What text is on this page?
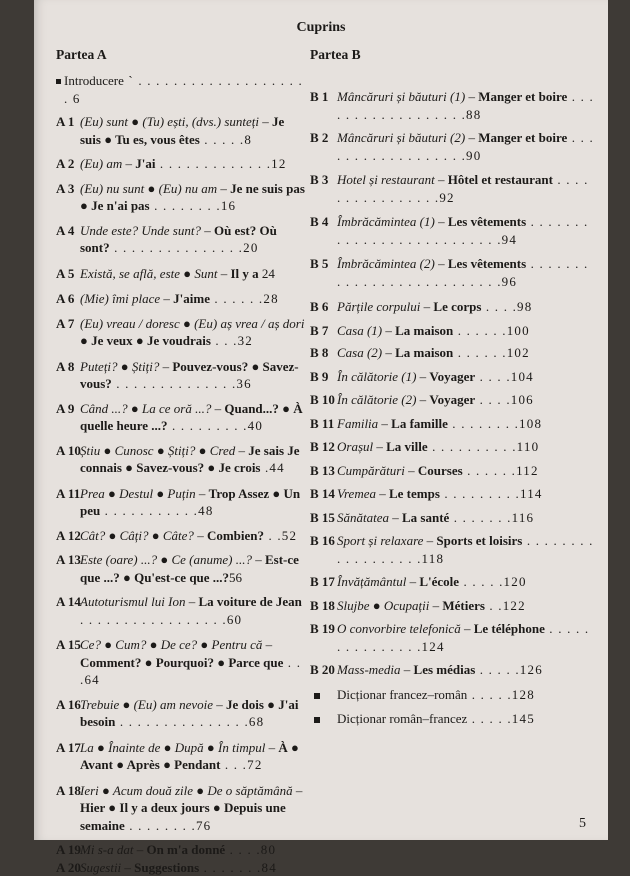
Cuprins
Partea A	Partea B
Introducere ` . . . . . . . . . . . . . . . . . . . . 6
A 1 (Eu) sunt ● (Tu) ești, (dvs.) sunteți – Je suis ● Tu es, vous êtes . . . . .8
A 2 (Eu) am – J'ai . . . . . . . . . . . . .12
A 3 (Eu) nu sunt ● (Eu) nu am – Je ne suis pas ● Je n'ai pas . . . . . . . .16
A 4 Unde este? Unde sunt? – Où est? Où sont? . . . . . . . . . . . . . . .20
A 5 Există, se află, este ● Sunt – Il y a 24
A 6 (Mie) îmi place – J'aime . . . . . .28
A 7 (Eu) vreau / doresc ● (Eu) aș vrea / aș dori ● Je veux ● Je voudrais . . .32
A 8 Puteți? ● Știți? – Pouvez-vous? ● Savez-vous? . . . . . . . . . . . . . .36
A 9 Când ...? ● La ce oră ...? – Quand...? ● À quelle heure ...? . . . . . . . . .40
A 10 Știu ● Cunosc ● Știți? ● Cred – Je sais Je connais ● Savez-vous? ● Je crois .44
A 11 Prea ● Destul ● Puțin – Trop Assez ● Un peu . . . . . . . . . . .48
A 12 Cât? ● Câți? ● Câte? – Combien? . .52
A 13 Este (oare) ...? ● Ce (anume) ...? – Est-ce que ...? ● Qu'est-ce que ...?56
A 14 Autoturismul lui Ion – La voiture de Jean . . . . . . . . . . . . . . . . .60
A 15 Ce? ● Cum? ● De ce? ● Pentru că – Comment? ● Pourquoi? ● Parce que . . .64
A 16 Trebuie ● (Eu) am nevoie – Je dois ● J'ai besoin . . . . . . . . . . . . . . .68
A 17 La ● Înainte de ● După ● În timpul – À ● Avant ● Après ● Pendant . . .72
A 18 Ieri ● Acum două zile ● De o săptămână – Hier ● Il y a deux jours ● Depuis une semaine . . . . . . . .76
A 19 Mi s-a dat – On m'a donné . . . .80
A 20 Sugestii – Suggestions . . . . . . .84
B 1 Mâncăruri și băuturi (1) – Manger et boire . . . . . . . . . . . . . . . . . .88
B 2 Mâncăruri și băuturi (2) – Manger et boire . . . . . . . . . . . . . . . . . .90
B 3 Hotel și restaurant – Hôtel et restaurant . . . . . . . . . . . . . . . .92
B 4 Îmbrăcămintea (1) – Les vêtements . . . . . . . . . . . . . . . . . . . . . . . . . .94
B 5 Îmbrăcămintea (2) – Les vêtements . . . . . . . . . . . . . . . . . . . . . . . . . .96
B 6 Părțile corpului – Le corps . . . .98
B 7 Casa (1) – La maison . . . . . .100
B 8 Casa (2) – La maison . . . . . .102
B 9 În călătorie (1) – Voyager . . . .104
B 10 În călătorie (2) – Voyager . . . .106
B 11 Familia – La famille . . . . . . . .108
B 12 Orașul – La ville . . . . . . . . . .110
B 13 Cumpărături – Courses . . . . . .112
B 14 Vremea – Le temps . . . . . . . . .114
B 15 Sănătatea – La santé . . . . . . .116
B 16 Sport și relaxare – Sports et loisirs . . . . . . . . . . . . . . . . . .118
B 17 Învățământul – L'école . . . . .120
B 18 Slujbe ● Ocupații – Métiers . .122
B 19 O convorbire telefonică – Le téléphone . . . . . . . . . . . . . . .124
B 20 Mass-media – Les médias . . . . .126
Dicționar francez–român . . . . .128
Dicționar român–francez . . . . .145
5
